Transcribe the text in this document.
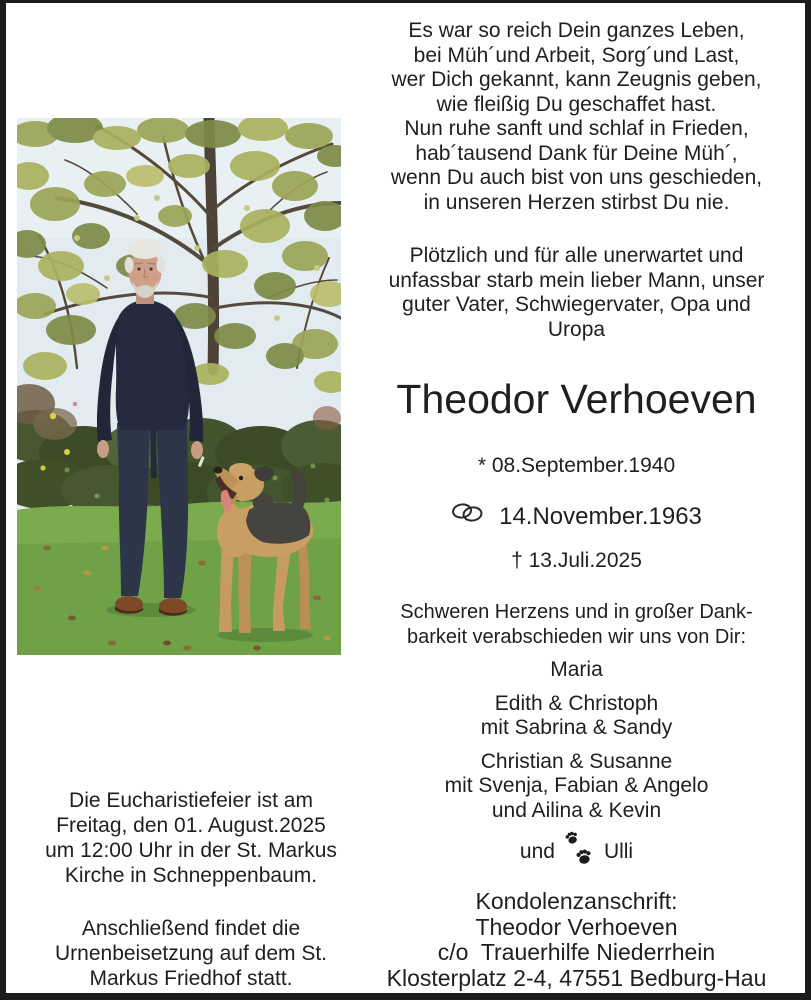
Es war so reich Dein ganzes Leben,
bei Müh´und Arbeit, Sorg´und Last,
wer Dich gekannt, kann Zeugnis geben,
wie fleißig Du geschaffet hast.
Nun ruhe sanft und schlaf in Frieden,
hab´tausend Dank für Deine Müh´,
wenn Du auch bist von uns geschieden,
in unseren Herzen stirbst Du nie.
Plötzlich und für alle unerwartet und
unfassbar starb mein lieber Mann, unser
guter Vater, Schwiegervater, Opa und
Uropa
Theodor Verhoeven
* 08.September.1940
14.November.1963
† 13.Juli.2025
Schweren Herzens und in großer Dank-
barkeit verabschieden wir uns von Dir:
Maria
Edith & Christoph
mit Sabrina & Sandy
Christian & Susanne
mit Svenja, Fabian & Angelo
und Ailina & Kevin
und Ulli
Kondolenzanschrift:
Theodor Verhoeven
c/o  Trauerhilfe Niederrhein
Klosterplatz 2-4, 47551 Bedburg-Hau
Die Eucharistiefeier ist am
Freitag, den 01. August.2025
um 12:00 Uhr in der St. Markus
Kirche in Schneppenbaum.
Anschließend findet die
Urnenbeisetzung auf dem St.
Markus Friedhof statt.
